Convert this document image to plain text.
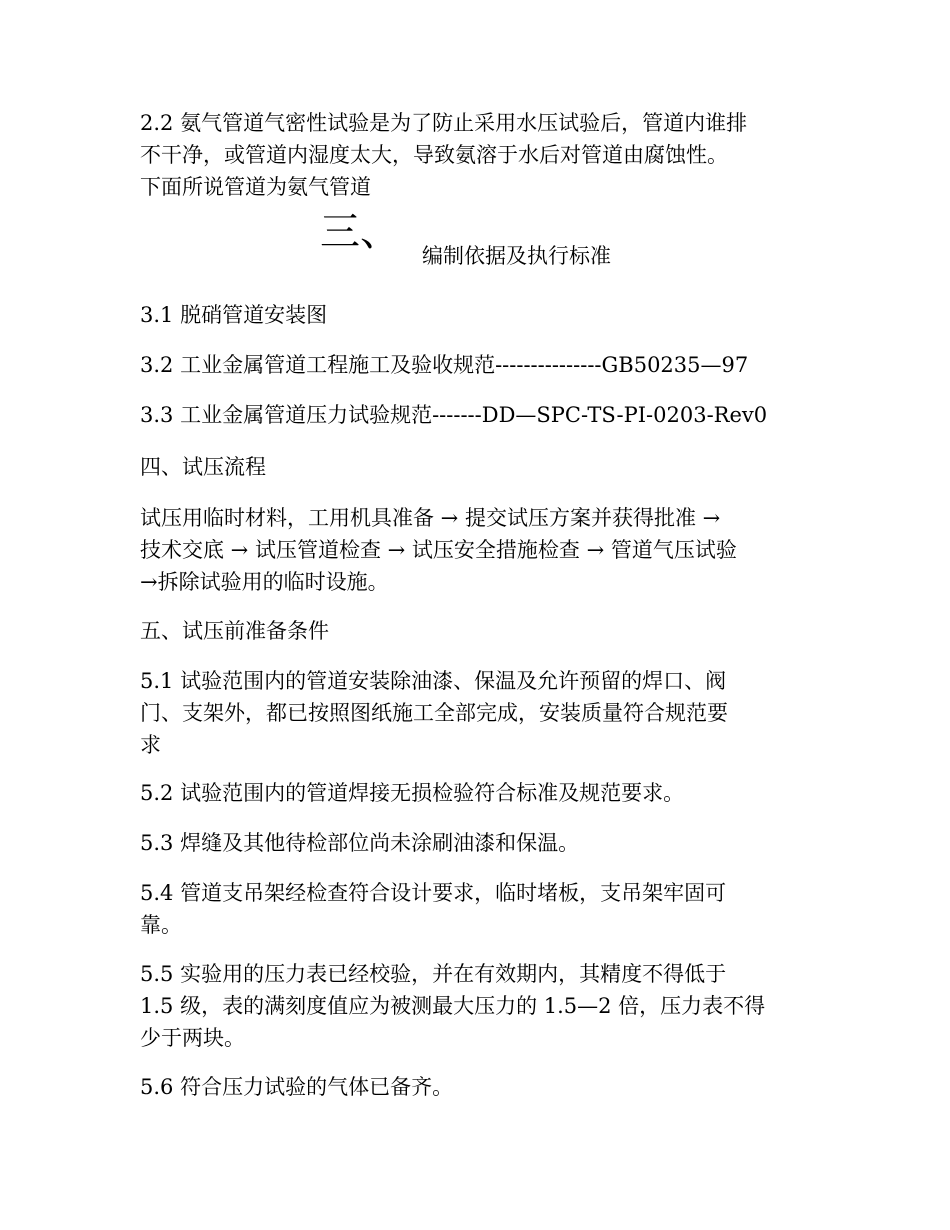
2.2 氨气管道气密性试验是为了防止采用水压试验后，管道内谁排
不干净，或管道内湿度太大，导致氨溶于水后对管道由腐蚀性。
下面所说管道为氨气管道

三、
编制依据及执行标准

3.1 脱硝管道安装图

3.2 工业金属管道工程施工及验收规范---------------GB50235—97

3.3 工业金属管道压力试验规范-------DD—SPC-TS-PI-0203-Rev0

四、试压流程

试压用临时材料，工用机具准备 → 提交试压方案并获得批准 →
技术交底 → 试压管道检查 → 试压安全措施检查 → 管道气压试验
→拆除试验用的临时设施。

五、试压前准备条件

5.1 试验范围内的管道安装除油漆、保温及允许预留的焊口、阀
门、支架外，都已按照图纸施工全部完成，安装质量符合规范要
求

5.2 试验范围内的管道焊接无损检验符合标准及规范要求。

5.3 焊缝及其他待检部位尚未涂刷油漆和保温。

5.4 管道支吊架经检查符合设计要求，临时堵板，支吊架牢固可
靠。

5.5 实验用的压力表已经校验，并在有效期内，其精度不得低于
1.5 级，表的满刻度值应为被测最大压力的 1.5—2 倍，压力表不得
少于两块。

5.6 符合压力试验的气体已备齐。
